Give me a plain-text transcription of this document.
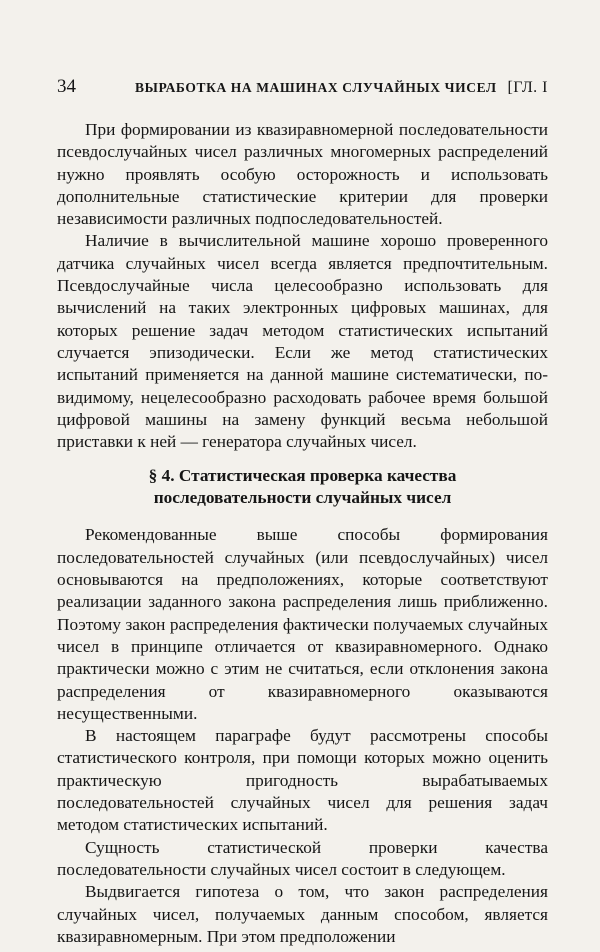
34	ВЫРАБОТКА НА МАШИНАХ СЛУЧАЙНЫХ ЧИСЕЛ [ГЛ. I

При формировании из квазиравномерной последовательности псевдослучайных чисел различных многомерных распределений нужно проявлять особую осторожность и использовать дополнительные статистические критерии для проверки независимости различных подпоследовательностей.

Наличие в вычислительной машине хорошо проверенного датчика случайных чисел всегда является предпочтительным. Псевдослучайные числа целесообразно использовать для вычислений на таких электронных цифровых машинах, для которых решение задач методом статистических испытаний случается эпизодически. Если же метод статистических испытаний применяется на данной машине систематически, по-видимому, нецелесообразно расходовать рабочее время большой цифровой машины на замену функций весьма небольшой приставки к ней — генератора случайных чисел.

§ 4. Статистическая проверка качества
последовательности случайных чисел

Рекомендованные выше способы формирования последовательностей случайных (или псевдослучайных) чисел основываются на предположениях, которые соответствуют реализации заданного закона распределения лишь приближенно. Поэтому закон распределения фактически получаемых случайных чисел в принципе отличается от квазиравномерного. Однако практически можно с этим не считаться, если отклонения закона распределения от квазиравномерного оказываются несущественными.

В настоящем параграфе будут рассмотрены способы статистического контроля, при помощи которых можно оценить практическую пригодность вырабатываемых последовательностей случайных чисел для решения задач методом статистических испытаний.

Сущность статистической проверки качества последовательности случайных чисел состоит в следующем.

Выдвигается гипотеза о том, что закон распределения случайных чисел, получаемых данным способом, является квазиравномерным. При этом предположении
